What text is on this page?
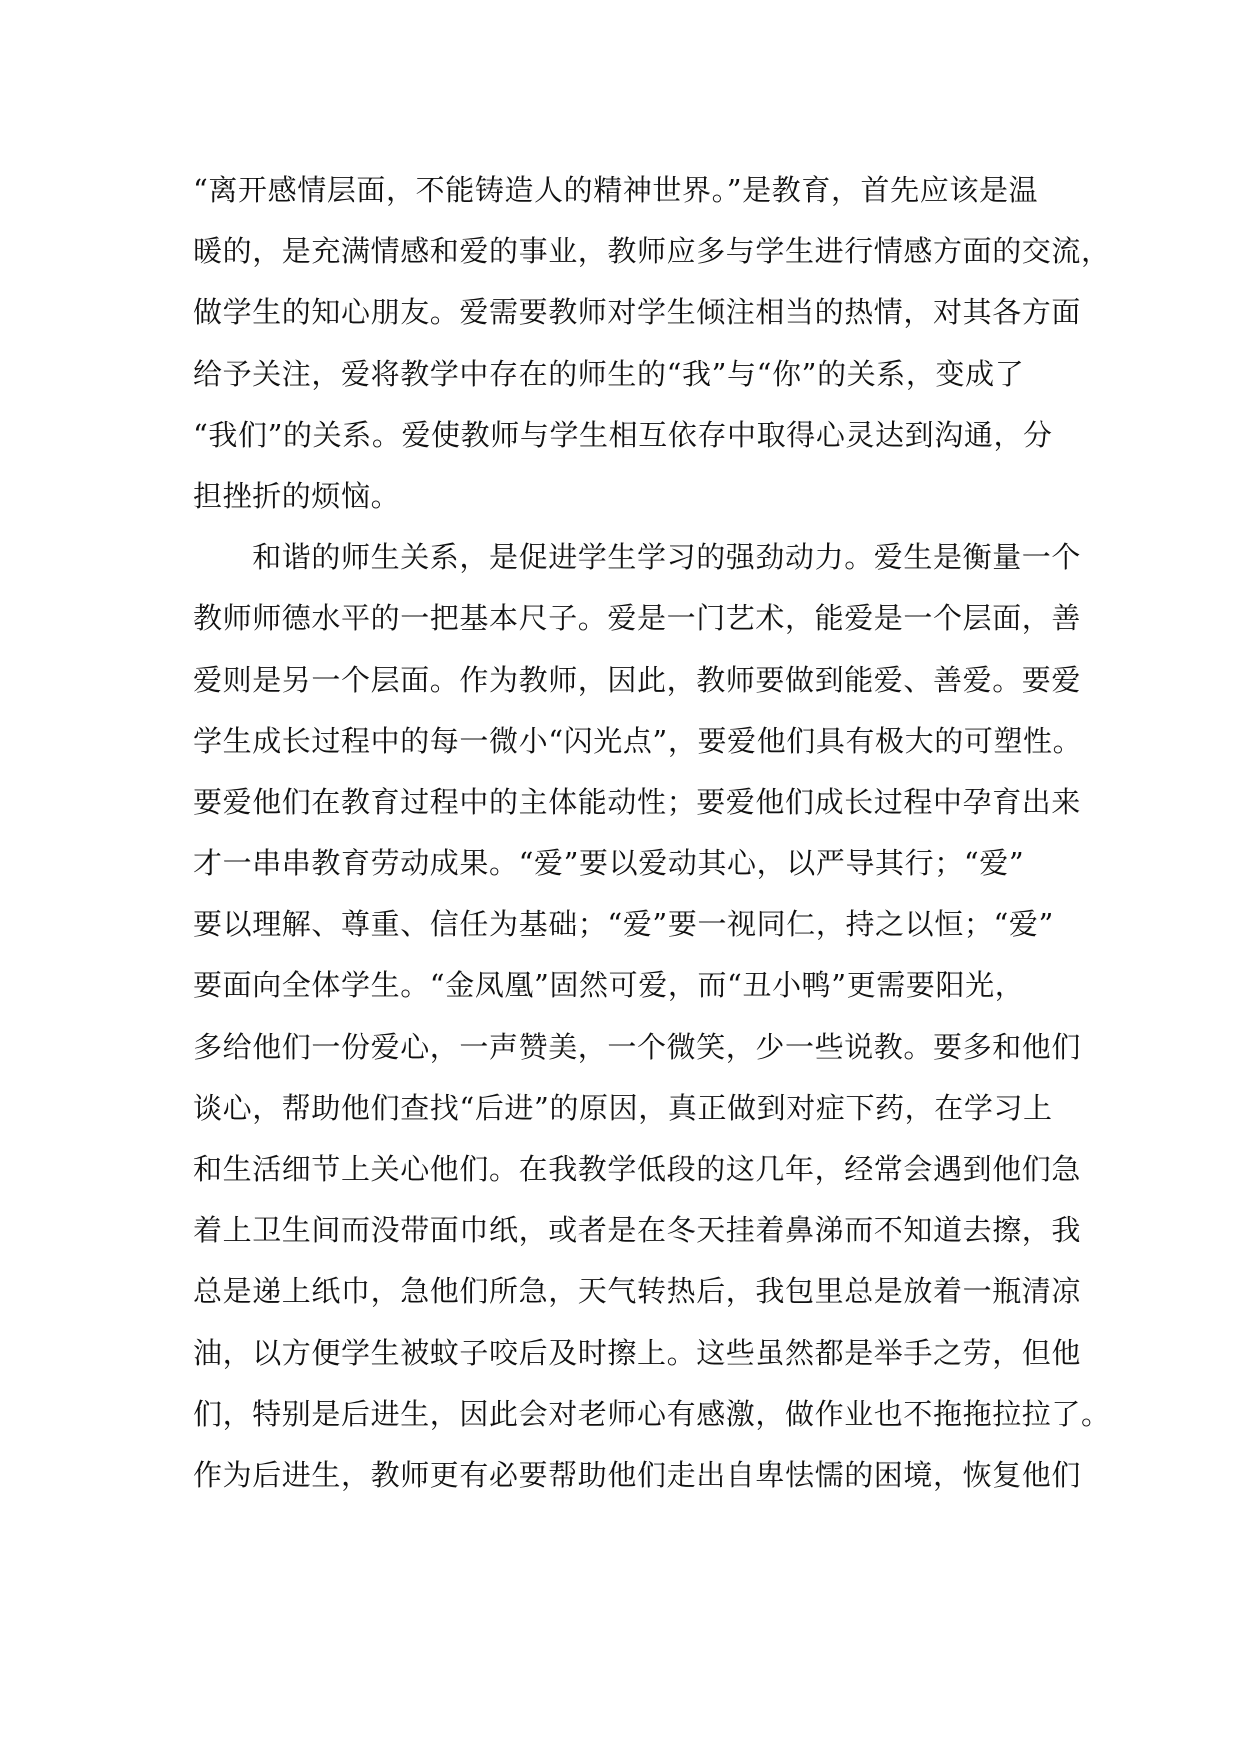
“离开感情层面，不能铸造人的精神世界。”是教育，首先应该是温
暖的，是充满情感和爱的事业，教师应多与学生进行情感方面的交流，
做学生的知心朋友。爱需要教师对学生倾注相当的热情，对其各方面
给予关注，爱将教学中存在的师生的“我”与“你”的关系，变成了
“我们”的关系。爱使教师与学生相互依存中取得心灵达到沟通，分
担挫折的烦恼。
　　和谐的师生关系，是促进学生学习的强劲动力。爱生是衡量一个
教师师德水平的一把基本尺子。爱是一门艺术，能爱是一个层面，善
爱则是另一个层面。作为教师，因此，教师要做到能爱、善爱。要爱
学生成长过程中的每一微小“闪光点”，要爱他们具有极大的可塑性。
要爱他们在教育过程中的主体能动性；要爱他们成长过程中孕育出来
才一串串教育劳动成果。“爱”要以爱动其心，以严导其行；“爱”
要以理解、尊重、信任为基础；“爱”要一视同仁，持之以恒；“爱”
要面向全体学生。“金凤凰”固然可爱，而“丑小鸭”更需要阳光，
多给他们一份爱心，一声赞美，一个微笑，少一些说教。要多和他们
谈心，帮助他们查找“后进”的原因，真正做到对症下药，在学习上
和生活细节上关心他们。在我教学低段的这几年，经常会遇到他们急
着上卫生间而没带面巾纸，或者是在冬天挂着鼻涕而不知道去擦，我
总是递上纸巾，急他们所急，天气转热后，我包里总是放着一瓶清凉
油，以方便学生被蚊子咬后及时擦上。这些虽然都是举手之劳，但他
们，特别是后进生，因此会对老师心有感激，做作业也不拖拖拉拉了。
作为后进生，教师更有必要帮助他们走出自卑怯懦的困境，恢复他们
